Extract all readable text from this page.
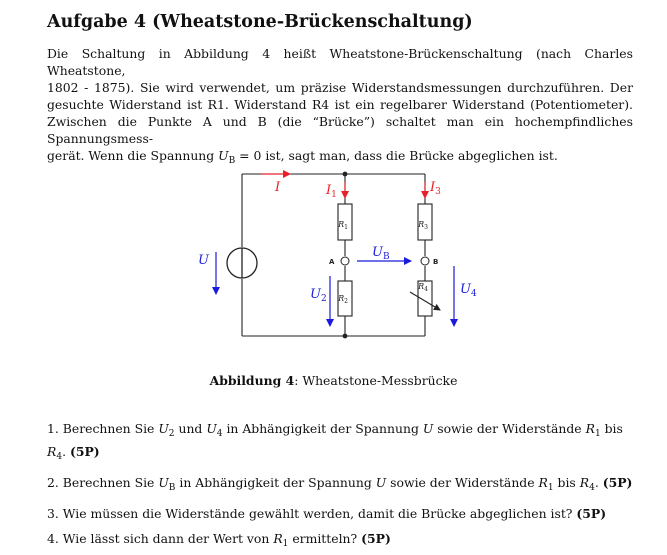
Aufgabe 4 (Wheatstone-Brückenschaltung)
Die Schaltung in Abbildung 4 heißt Wheatstone-Brückenschaltung (nach Charles Wheatstone,
1802 - 1875). Sie wird verwendet, um präzise Widerstandsmessungen durchzuführen. Der
gesuchte Widerstand ist R1. Widerstand R4 ist ein regelbarer Widerstand (Potentiometer).
Zwischen die Punkte A und B (die “Brücke”) schaltet man ein hochempfindliches Spannungsmess-
gerät. Wenn die Spannung $U_B = 0$ ist, sagt man, dass die Brücke abgeglichen ist.
$R_1$
$R_2$
$R_3$
$R_4$
A	B
I	$I_1$	$I_3$
U
$U_B$
$U_2$
$U_4$
Abbildung 4: Wheatstone-Messbrücke

1. Berechnen Sie $U_2$ und $U_4$ in Abhängigkeit der Spannung U sowie der Widerstände $R_1$ bis
$R_4$. (5P)

2. Berechnen Sie $U_B$ in Abhängigkeit der Spannung U sowie der Widerstände $R_1$ bis $R_4$. (5P)

3. Wie müssen die Widerstände gewählt werden, damit die Brücke abgeglichen ist? (5P)

4. Wie lässt sich dann der Wert von $R_1$ ermitteln? (5P)
